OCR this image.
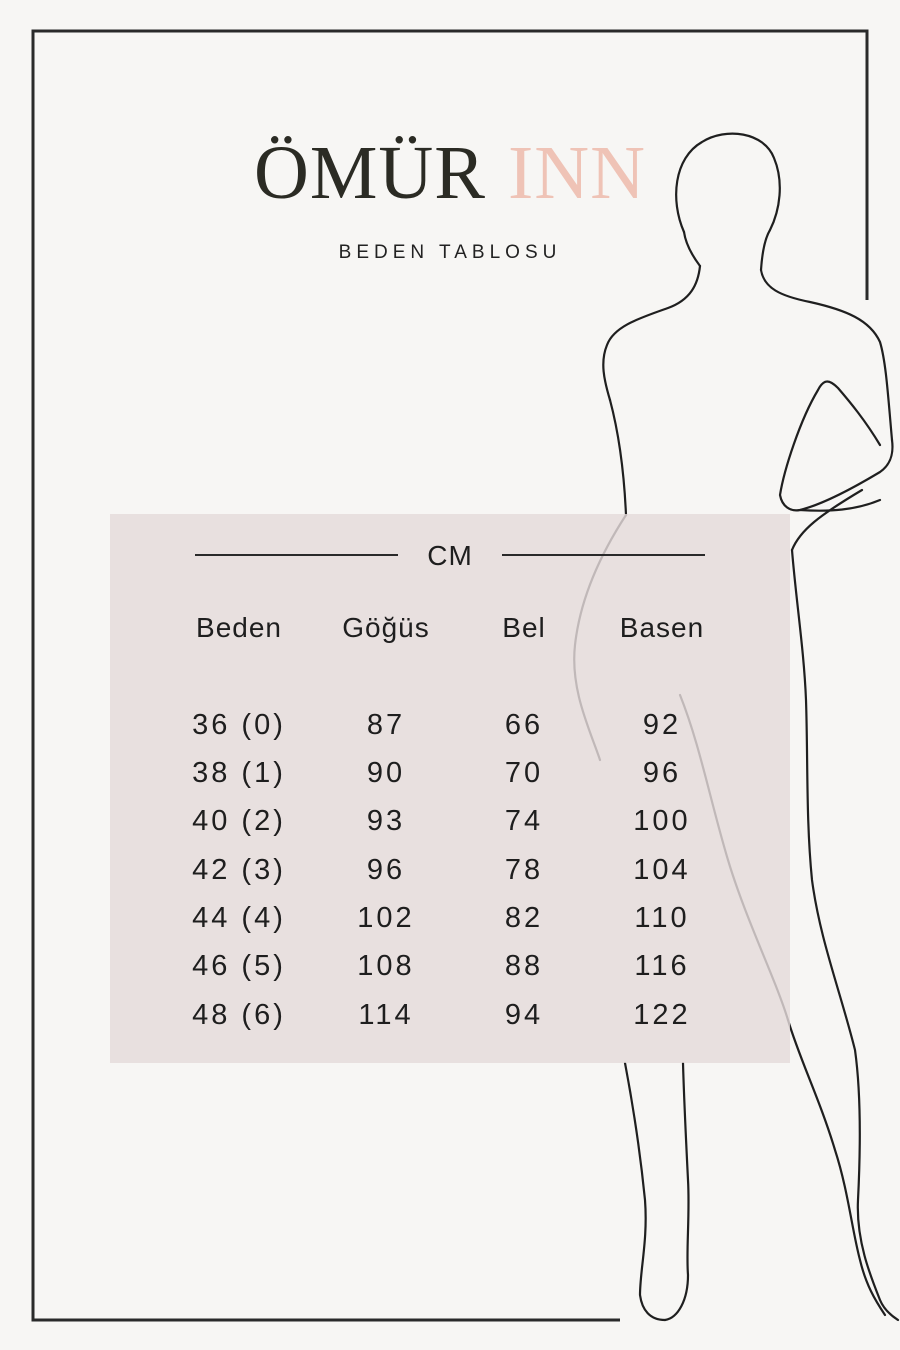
ÖMÜR INN
BEDEN TABLOSU
CM
Beden	Göğüs	Bel	Basen
36 (0)	87	66	92
38 (1)	90	70	96
40 (2)	93	74	100
42 (3)	96	78	104
44 (4)	102	82	110
46 (5)	108	88	116
48 (6)	114	94	122
